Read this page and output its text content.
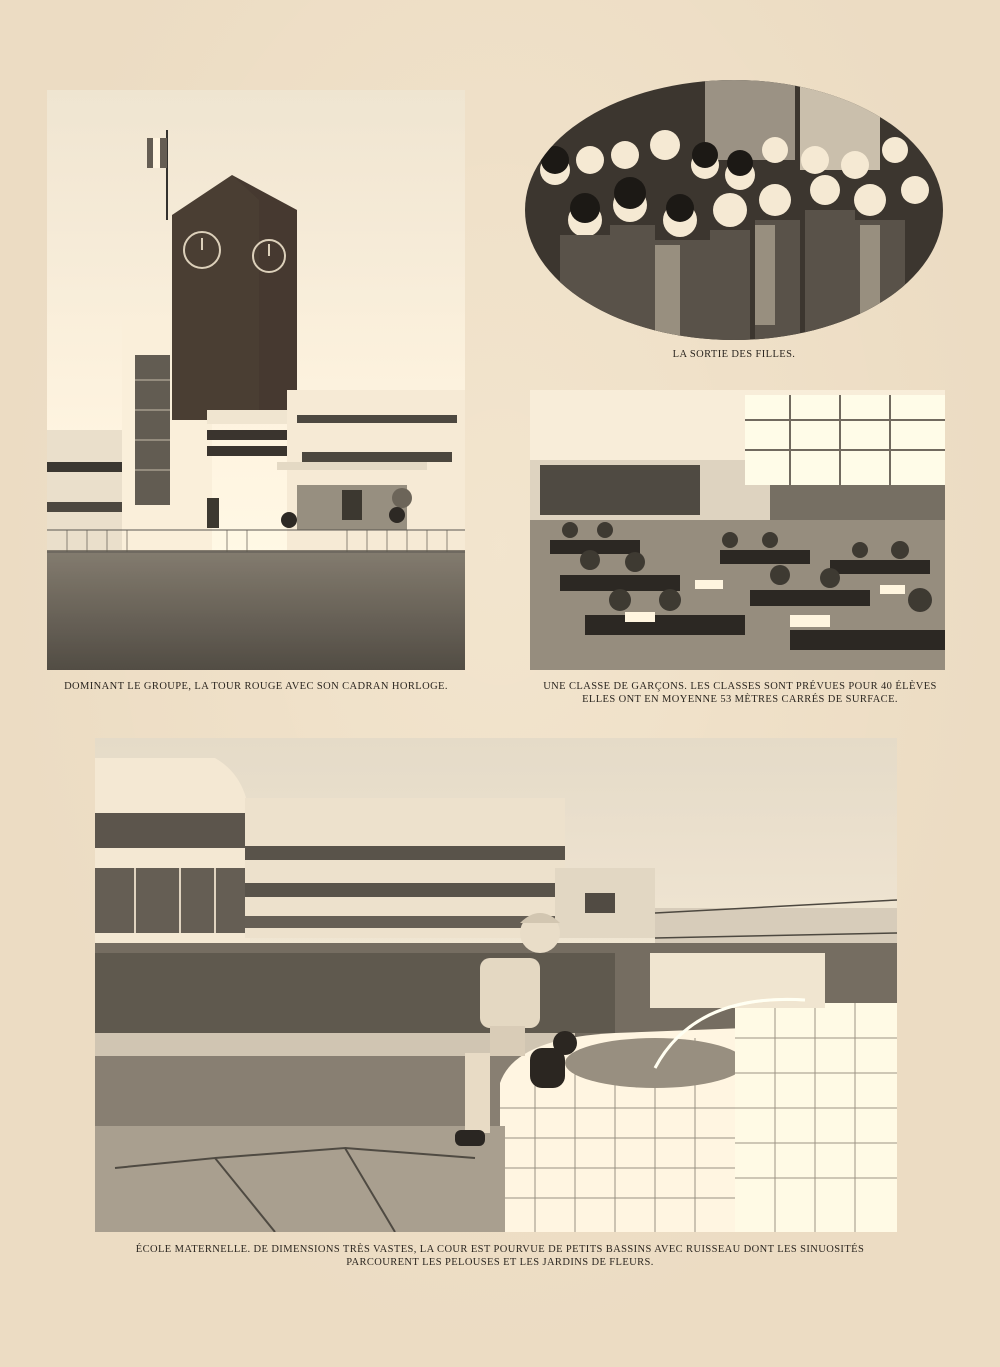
DOMINANT LE GROUPE, LA TOUR ROUGE AVEC SON CADRAN HORLOGE.
LA SORTIE DES FILLES.
UNE CLASSE DE GARÇONS. LES CLASSES SONT PRÉVUES POUR 40 ÉLÈVES
ELLES ONT EN MOYENNE 53 MÈTRES CARRÉS DE SURFACE.
ÉCOLE MATERNELLE. DE DIMENSIONS TRÈS VASTES, LA COUR EST POURVUE DE PETITS BASSINS AVEC RUISSEAU DONT LES SINUOSITÉS
PARCOURENT LES PELOUSES ET LES JARDINS DE FLEURS.
